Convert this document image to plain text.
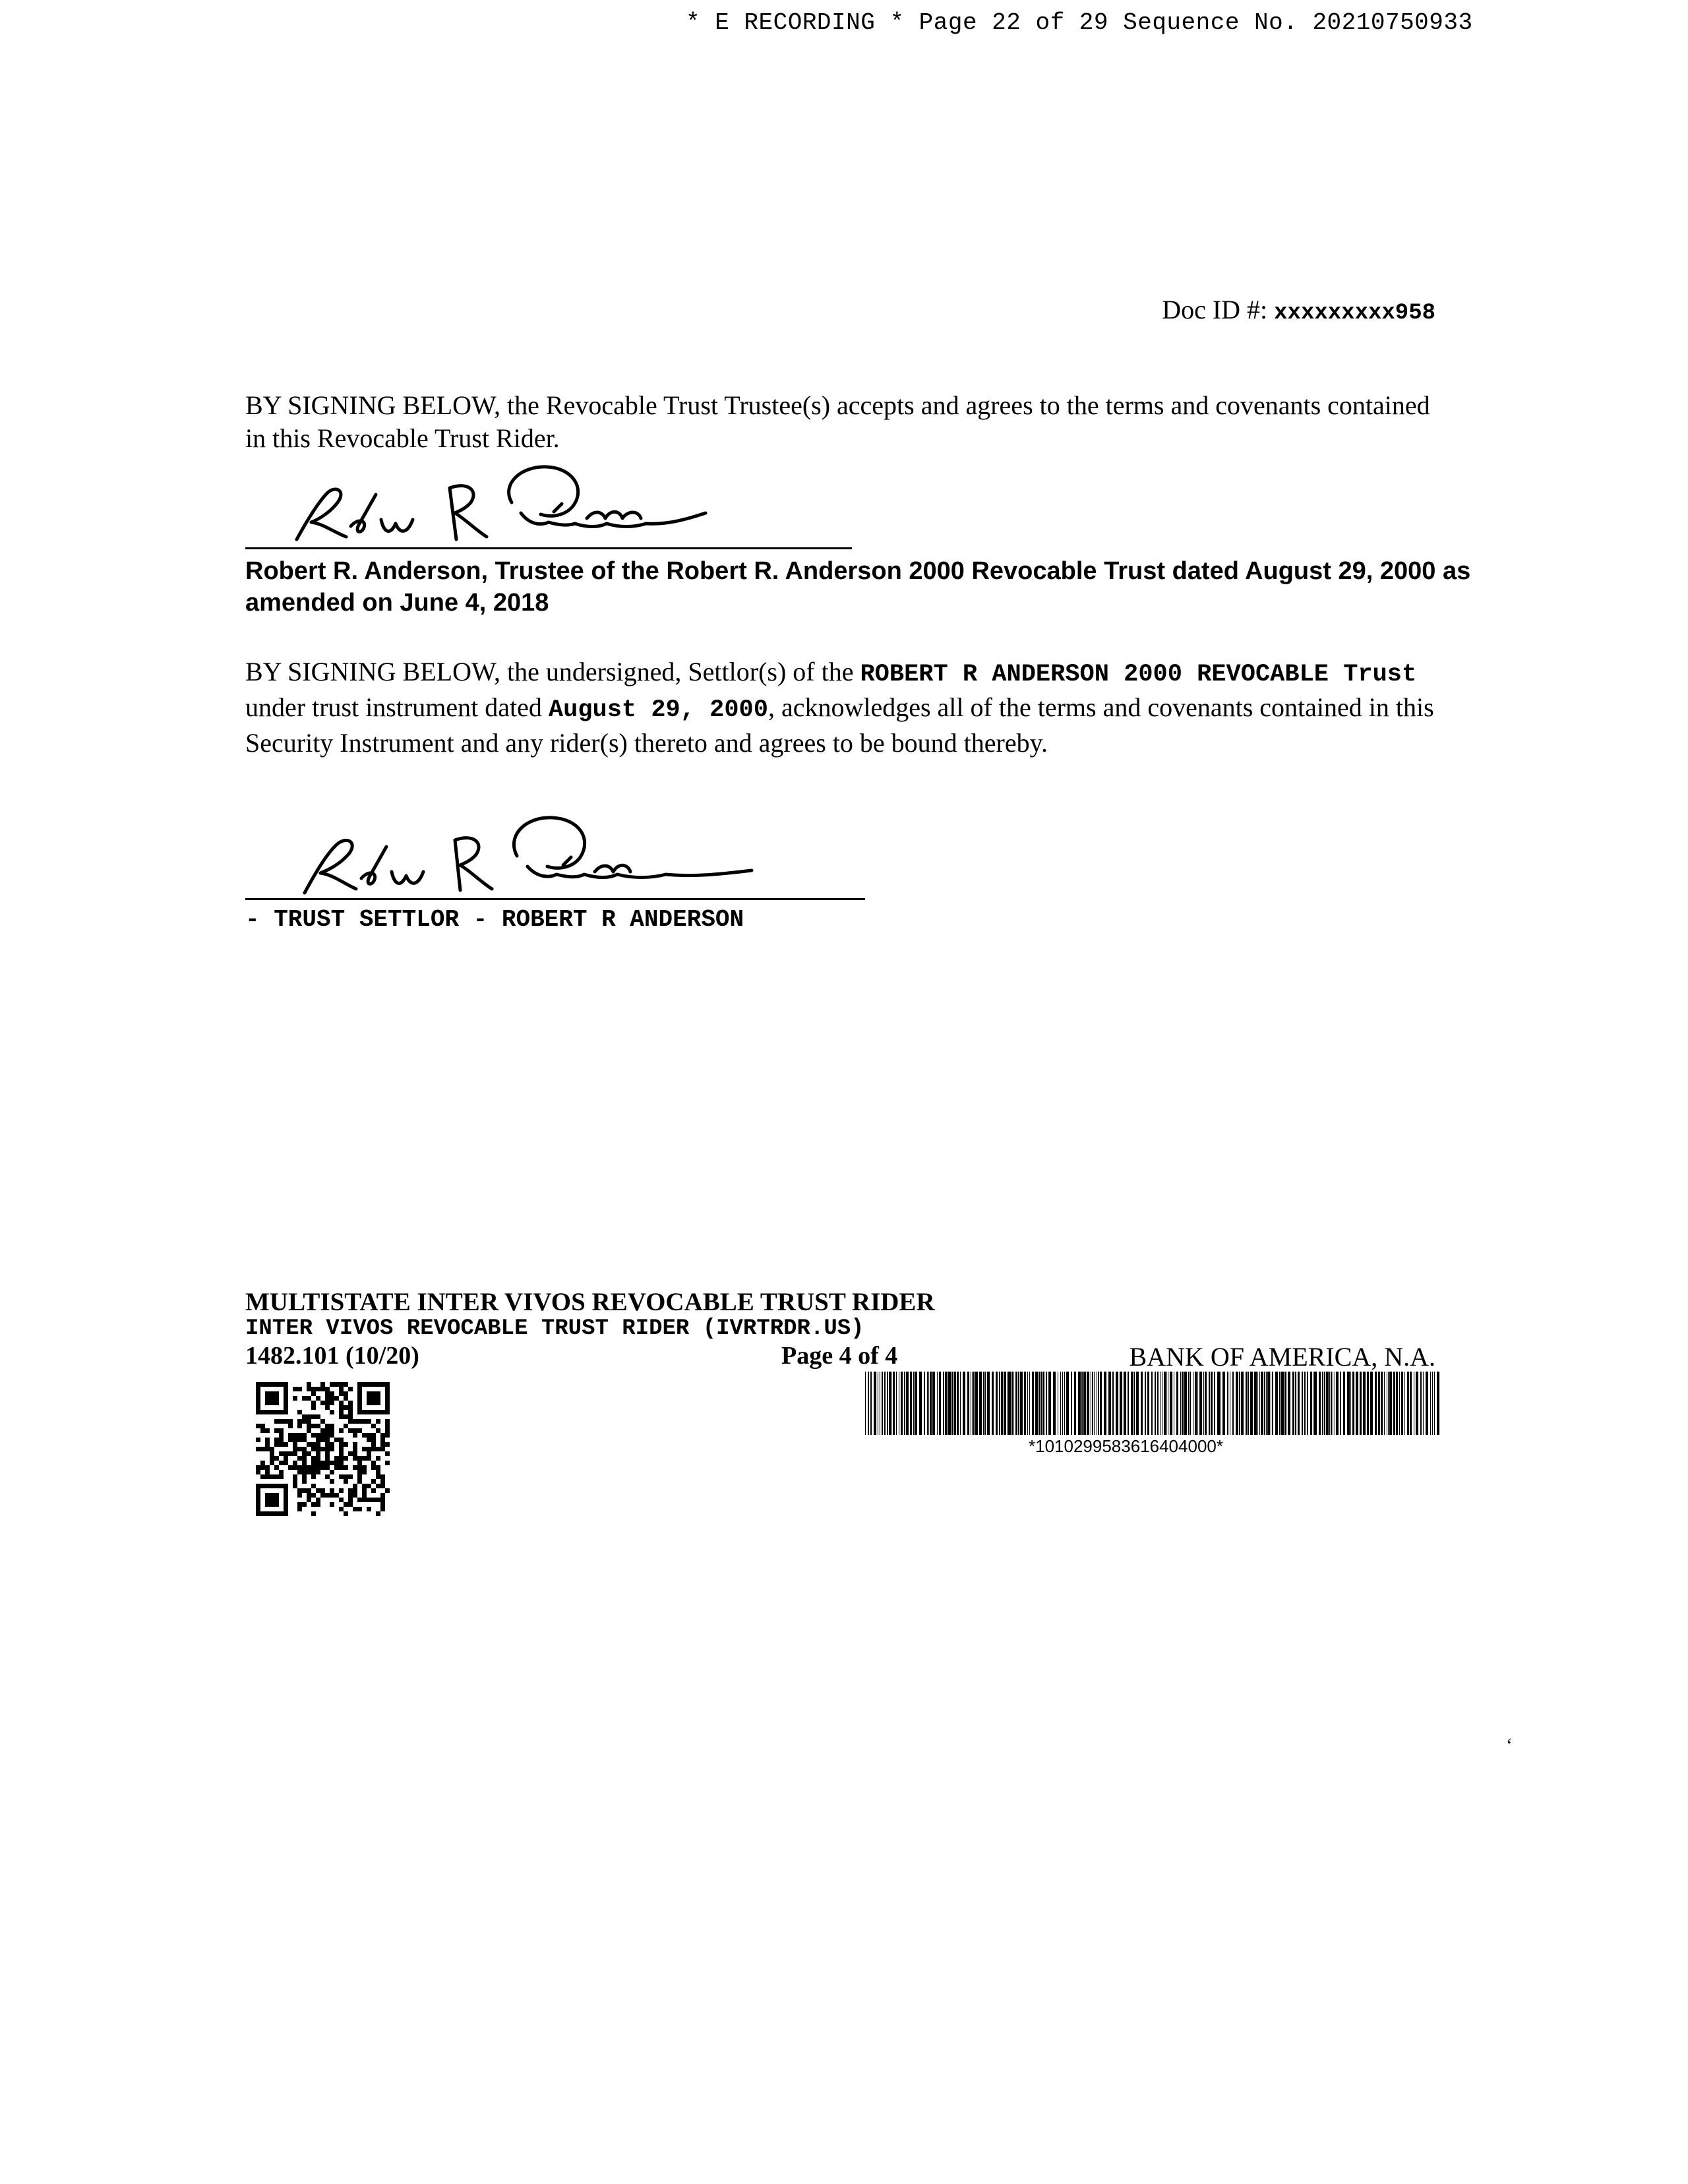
* E RECORDING * Page 22 of 29 Sequence No. 20210750933
Doc ID #: xxxxxxxxx958
BY SIGNING BELOW, the Revocable Trust Trustee(s) accepts and agrees to the terms and covenants contained in this Revocable Trust Rider.
Robert R. Anderson, Trustee of the Robert R. Anderson 2000 Revocable Trust dated August 29, 2000 as amended on June 4, 2018
BY SIGNING BELOW, the undersigned, Settlor(s) of the ROBERT R ANDERSON 2000 REVOCABLE Trust under trust instrument dated August 29, 2000, acknowledges all of the terms and covenants contained in this Security Instrument and any rider(s) thereto and agrees to be bound thereby.
- TRUST SETTLOR - ROBERT R ANDERSON
MULTISTATE INTER VIVOS REVOCABLE TRUST RIDER
INTER VIVOS REVOCABLE TRUST RIDER (IVRTRDR.US)
1482.101 (10/20)	Page 4 of 4	BANK OF AMERICA, N.A.
*1010299583616404000*
ʻ
